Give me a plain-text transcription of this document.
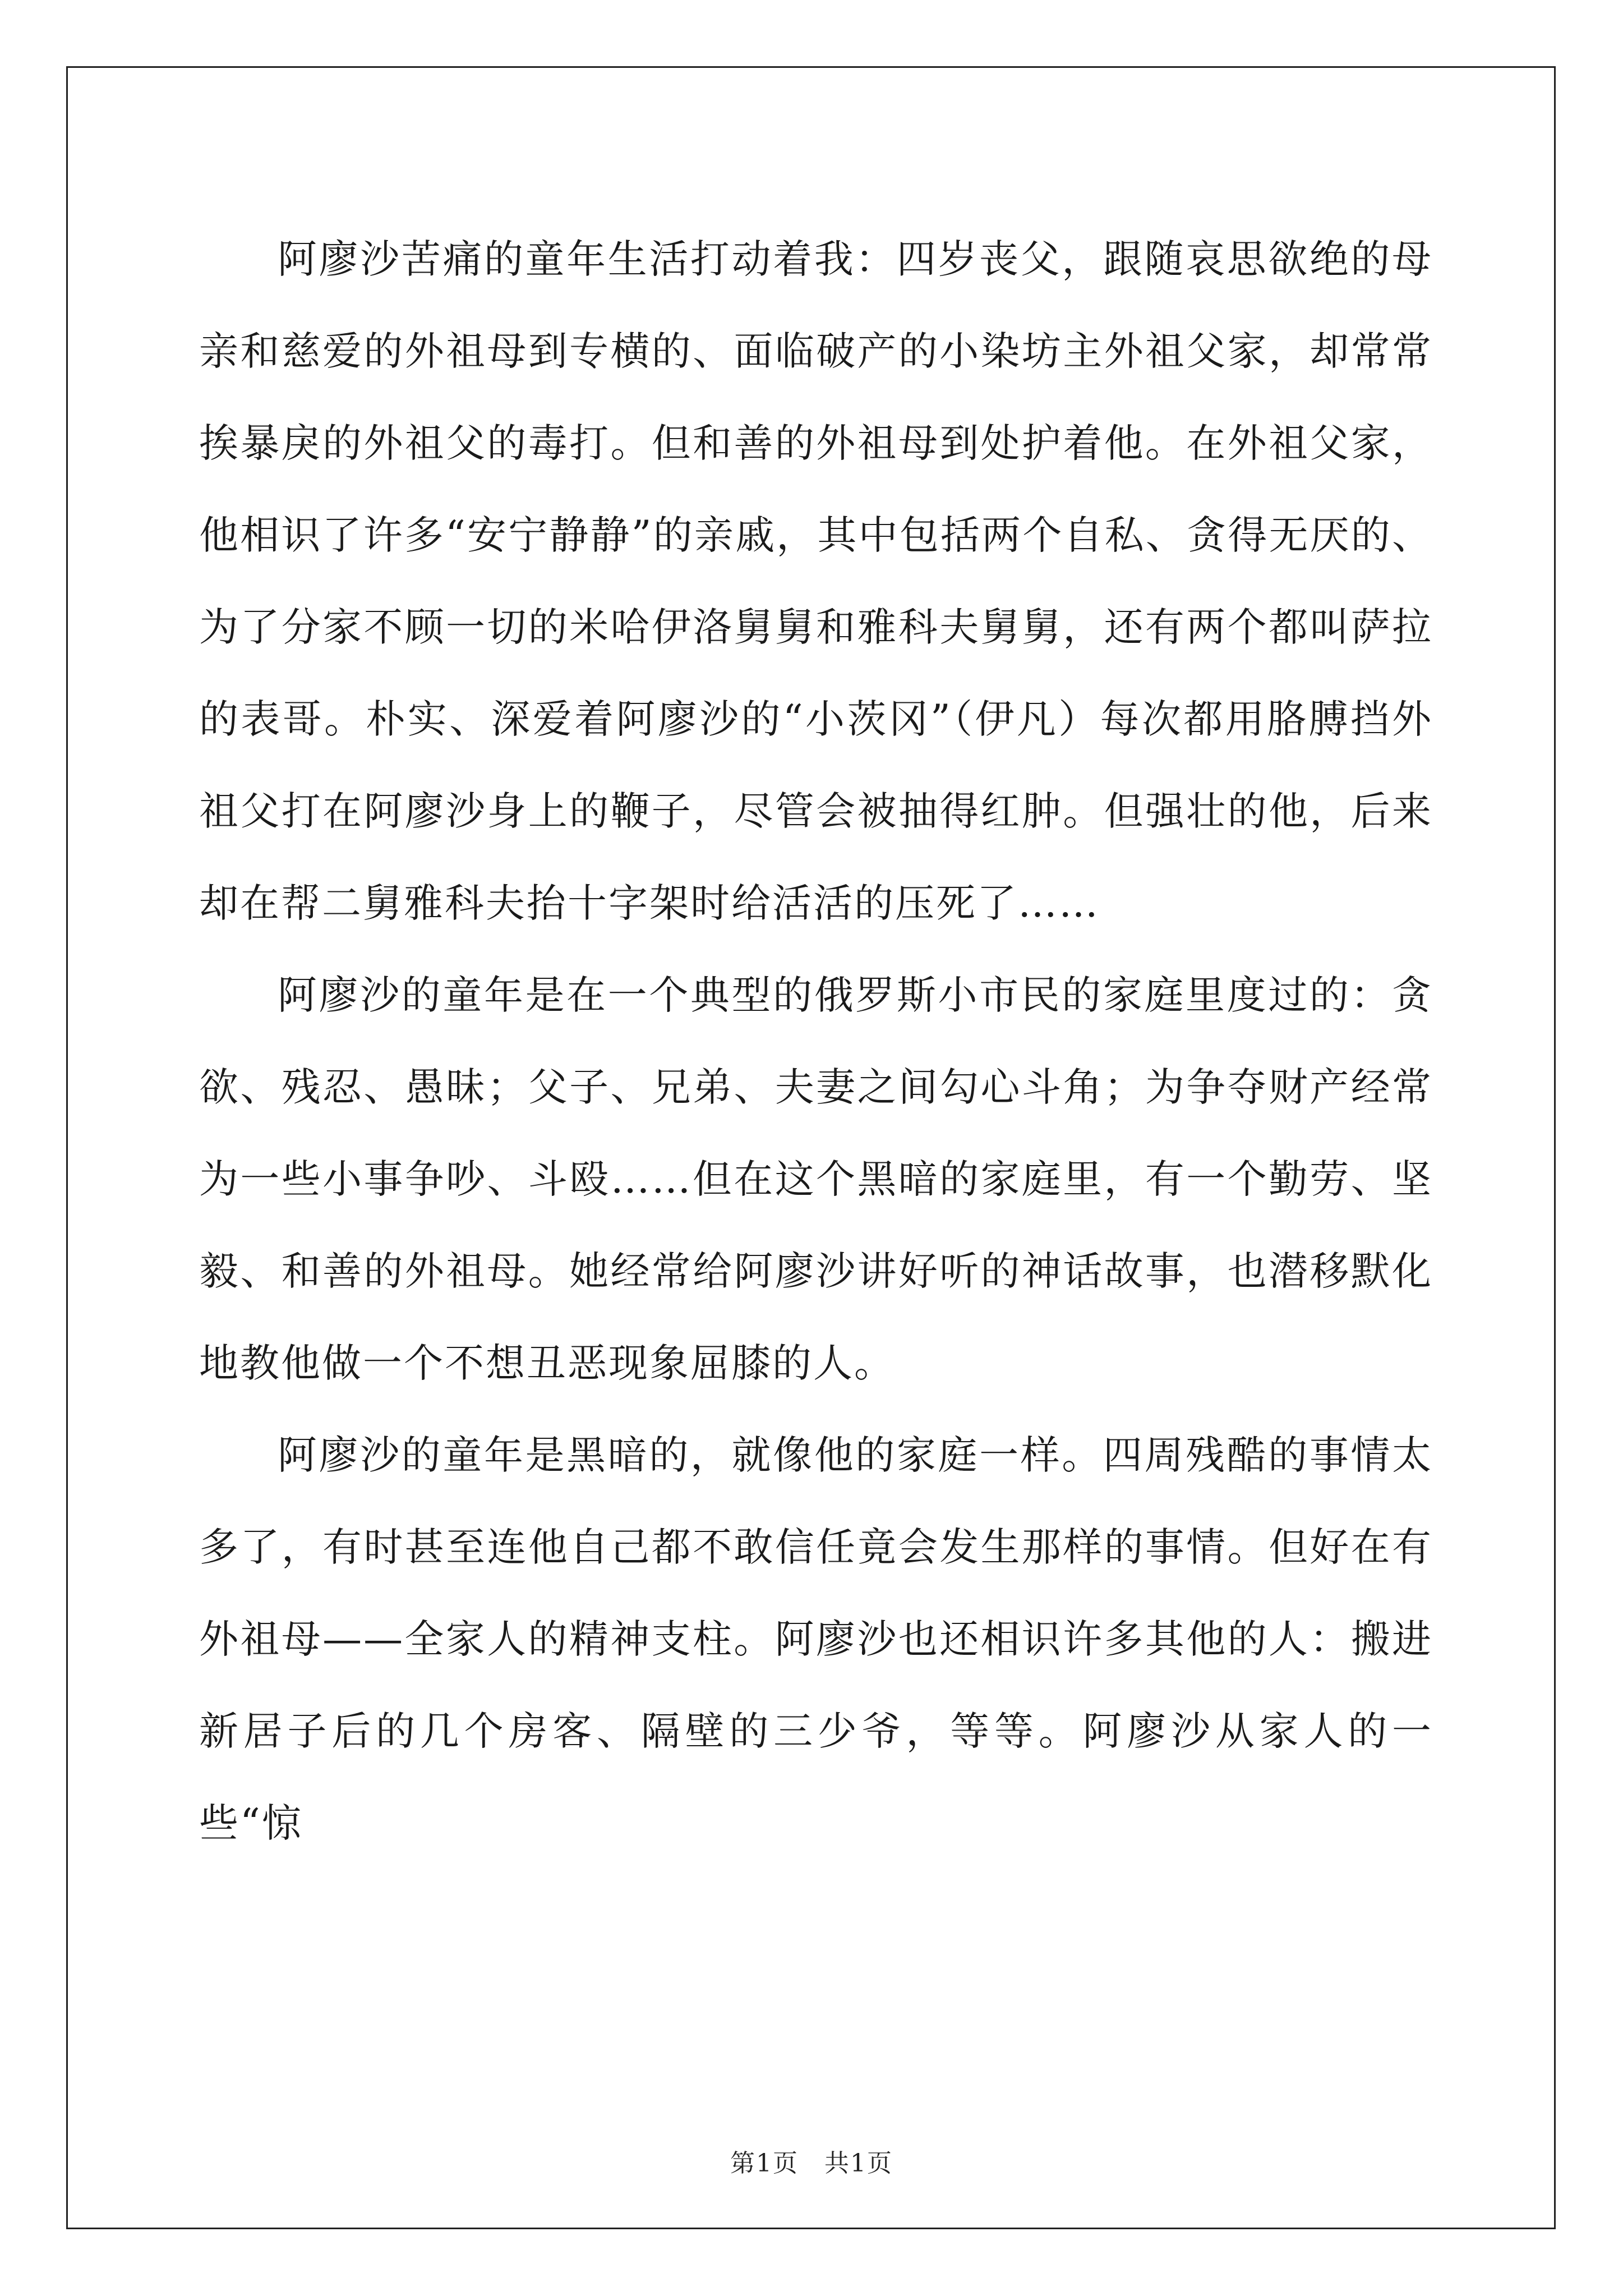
阿廖沙苦痛的童年生活打动着我：四岁丧父，跟随哀思欲绝的母亲和慈爱的外祖母到专横的、面临破产的小染坊主外祖父家，却常常挨暴戾的外祖父的毒打。但和善的外祖母到处护着他。在外祖父家，他相识了许多“安宁静静”的亲戚，其中包括两个自私、贪得无厌的、为了分家不顾一切的米哈伊洛舅舅和雅科夫舅舅，还有两个都叫萨拉的表哥。朴实、深爱着阿廖沙的“小茨冈”（伊凡）每次都用胳膊挡外祖父打在阿廖沙身上的鞭子，尽管会被抽得红肿。但强壮的他，后来却在帮二舅雅科夫抬十字架时给活活的压死了……

阿廖沙的童年是在一个典型的俄罗斯小市民的家庭里度过的：贪欲、残忍、愚昧；父子、兄弟、夫妻之间勾心斗角；为争夺财产经常为一些小事争吵、斗殴……但在这个黑暗的家庭里，有一个勤劳、坚毅、和善的外祖母。她经常给阿廖沙讲好听的神话故事，也潜移默化地教他做一个不想丑恶现象屈膝的人。

阿廖沙的童年是黑暗的，就像他的家庭一样。四周残酷的事情太多了，有时甚至连他自己都不敢信任竟会发生那样的事情。但好在有外祖母——全家人的精神支柱。阿廖沙也还相识许多其他的人：搬进新居子后的几个房客、隔壁的三少爷，等等。阿廖沙从家人的一些“惊

第1页　共1页
